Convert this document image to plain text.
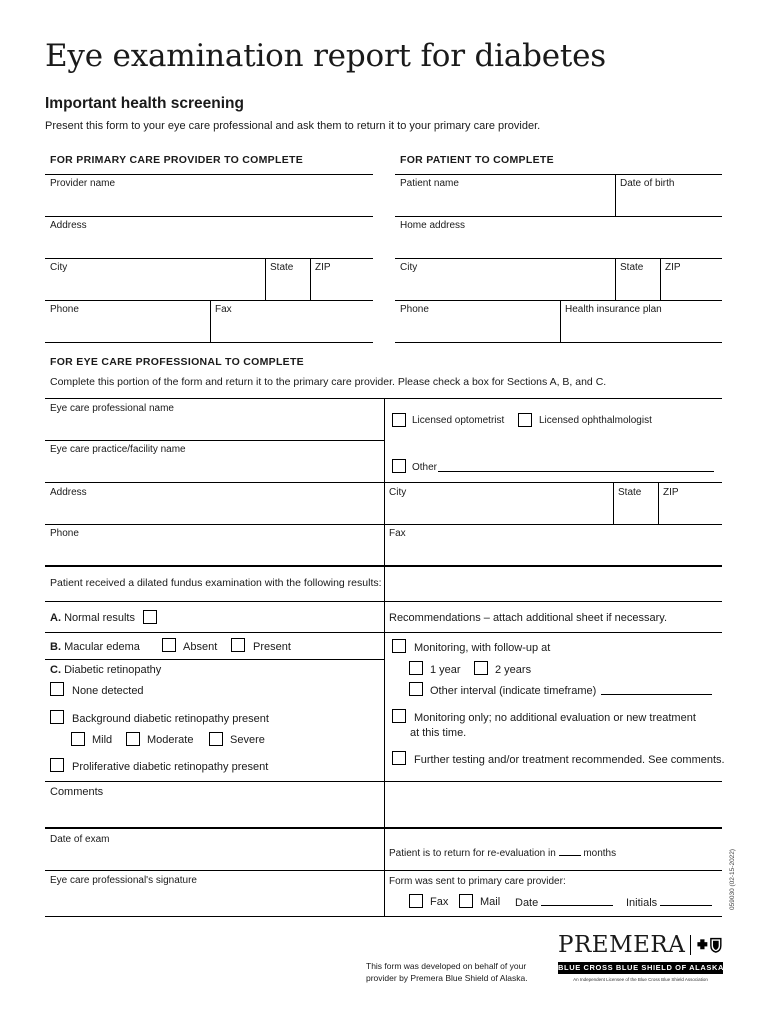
Eye examination report for diabetes
Important health screening
Present this form to your eye care professional and ask them to return it to your primary care provider.
FOR PRIMARY CARE PROVIDER TO COMPLETE
Provider name
Address
City	State ZIP
Phone	Fax
FOR PATIENT TO COMPLETE
Patient name	Date of birth
Home address
City	State ZIP
Phone	Health insurance plan
FOR EYE CARE PROFESSIONAL TO COMPLETE
Complete this portion of the form and return it to the primary care provider. Please check a box for Sections A, B, and C.
Eye care professional name
Eye care practice/facility name
Licensed optometrist	Licensed ophthalmologist
Other
Address	City	State ZIP
Phone	Fax
Patient received a dilated fundus examination with the following results:
A. Normal results
B. Macular edema	Absent	Present
C. Diabetic retinopathy
None detected
Background diabetic retinopathy present
Mild	Moderate	Severe
Proliferative diabetic retinopathy present
Recommendations – attach additional sheet if necessary.
Monitoring, with follow-up at
1 year	2 years
Other interval (indicate timeframe)
Monitoring only; no additional evaluation or new treatment
at this time.
Further testing and/or treatment recommended. See comments.
Comments
Date of exam
Patient is to return for re-evaluation in	months
Eye care professional's signature	Form was sent to primary care provider:
Fax	Mail Date	Initials	059030 (02-15-2022)
This form was developed on behalf of your
provider by Premera Blue Shield of Alaska.
PREMERA
BLUE CROSS BLUE SHIELD OF ALASKA
An Independent Licensee of the Blue Cross Blue Shield Association
